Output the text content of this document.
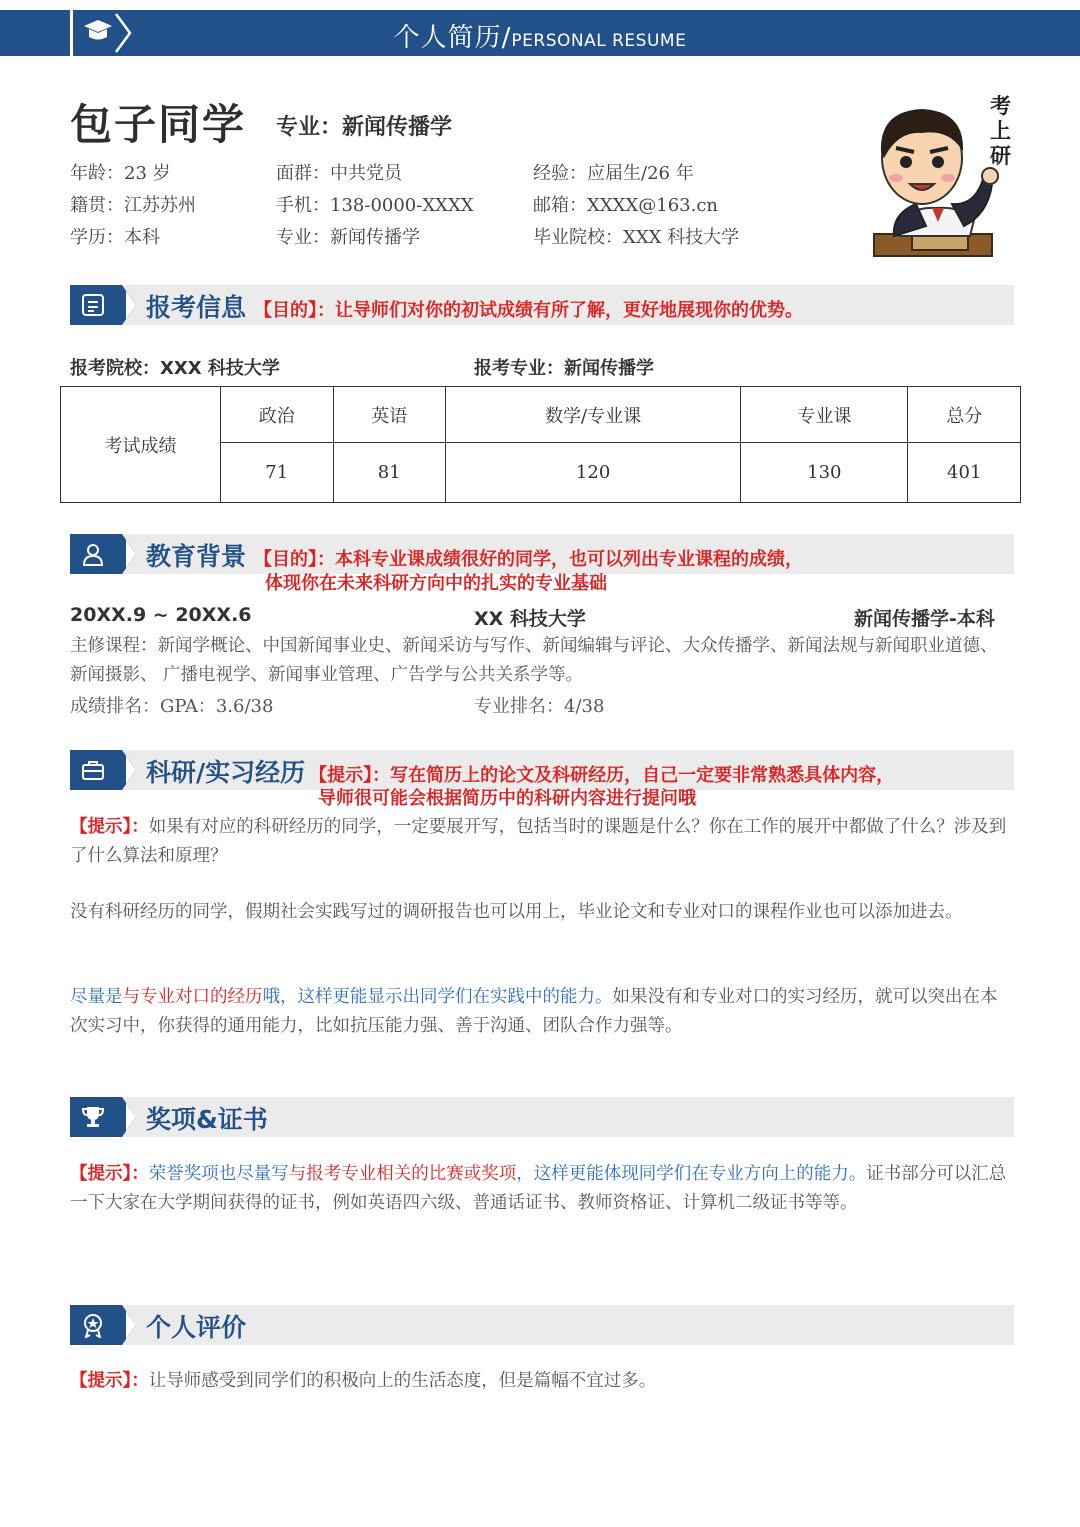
个人简历/PERSONAL RESUME
包子同学 专业：新闻传播学
年龄：23 岁	面群：中共党员	经验：应届生/26 年
籍贯：江苏苏州	手机：138-0000-XXXX	邮箱：XXXX@163.cn
学历：本科	专业：新闻传播学	毕业院校：XXX 科技大学
考上研
报考信息 【目的】：让导师们对你的初试成绩有所了解，更好地展现你的优势。
报考院校：XXX 科技大学	报考专业：新闻传播学
考试成绩	政治	英语	数学/专业课	专业课	总分
	71	81	120	130	401
教育背景 【目的】：本科专业课成绩很好的同学，也可以列出专业课程的成绩，
体现你在未来科研方向中的扎实的专业基础
20XX.9 ~ 20XX.6	XX 科技大学	新闻传播学-本科

主修课程：新闻学概论、中国新闻事业史、新闻采访与写作、新闻编辑与评论、大众传播学、新闻法规与新闻职业道德、新闻摄影、 广播电视学、新闻事业管理、广告学与公共关系学等。

成绩排名：GPA：3.6/38	专业排名：4/38
科研/实习经历 【提示】：写在简历上的论文及科研经历，自己一定要非常熟悉具体内容，
导师很可能会根据简历中的科研内容进行提问哦

【提示】：如果有对应的科研经历的同学，一定要展开写，包括当时的课题是什么？你在工作的展开中都做了什么？涉及到了什么算法和原理？

没有科研经历的同学，假期社会实践写过的调研报告也可以用上，毕业论文和专业对口的课程作业也可以添加进去。

尽量是与专业对口的经历哦，这样更能显示出同学们在实践中的能力。如果没有和专业对口的实习经历，就可以突出在本次实习中，你获得的通用能力，比如抗压能力强、善于沟通、团队合作力强等。

奖项&证书

【提示】：荣誉奖项也尽量写与报考专业相关的比赛或奖项，这样更能体现同学们在专业方向上的能力。证书部分可以汇总一下大家在大学期间获得的证书，例如英语四六级、普通话证书、教师资格证、计算机二级证书等等。

个人评价

【提示】：让导师感受到同学们的积极向上的生活态度，但是篇幅不宜过多。
